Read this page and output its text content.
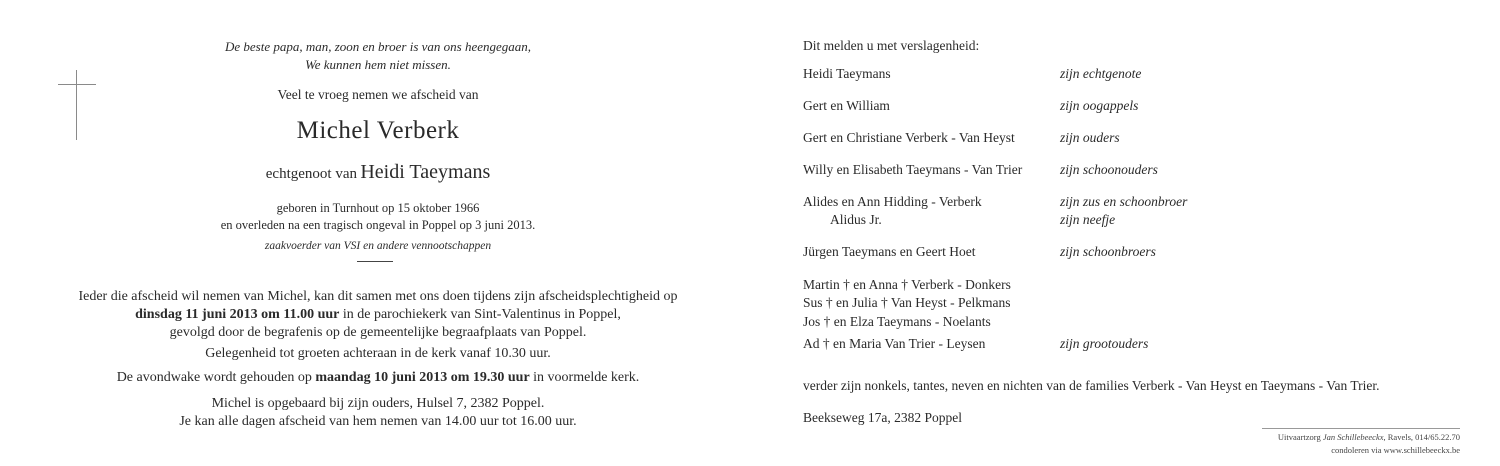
De beste papa, man, zoon en broer is van ons heengegaan,
We kunnen hem niet missen.
Veel te vroeg nemen we afscheid van
Michel Verberk
echtgenoot van Heidi Taeymans
geboren in Turnhout op 15 oktober 1966
en overleden na een tragisch ongeval in Poppel op 3 juni 2013.
zaakvoerder van VSI en andere vennootschappen
Ieder die afscheid wil nemen van Michel, kan dit samen met ons doen tijdens zijn afscheidsplechtigheid op
dinsdag 11 juni 2013 om 11.00 uur in de parochiekerk van Sint-Valentinus in Poppel,
gevolgd door de begrafenis op de gemeentelijke begraafplaats van Poppel.
Gelegenheid tot groeten achteraan in de kerk vanaf 10.30 uur.
De avondwake wordt gehouden op maandag 10 juni 2013 om 19.30 uur in voormelde kerk.
Michel is opgebaard bij zijn ouders, Hulsel 7, 2382 Poppel.
Je kan alle dagen afscheid van hem nemen van 14.00 uur tot 16.00 uur.
Dit melden u met verslagenheid:
Heidi Taeymans	zijn echtgenote
Gert en William	zijn oogappels
Gert en Christiane Verberk - Van Heyst	zijn ouders
Willy en Elisabeth Taeymans - Van Trier	zijn schoonouders
Alides en Ann Hidding - Verberk	zijn zus en schoonbroer
Alidus Jr.	zijn neefje
Jürgen Taeymans en Geert Hoet	zijn schoonbroers
Martin † en Anna † Verberk - Donkers
Sus † en Julia † Van Heyst - Pelkmans
Jos † en Elza Taeymans - Noelants
Ad † en Maria Van Trier - Leysen	zijn grootouders
verder zijn nonkels, tantes, neven en nichten van de families Verberk - Van Heyst en Taeymans - Van Trier.
Beekseweg 17a, 2382 Poppel
Uitvaartzorg Jan Schillebeeckx, Ravels, 014/65.22.70
condoleren via www.schillebeeckx.be
